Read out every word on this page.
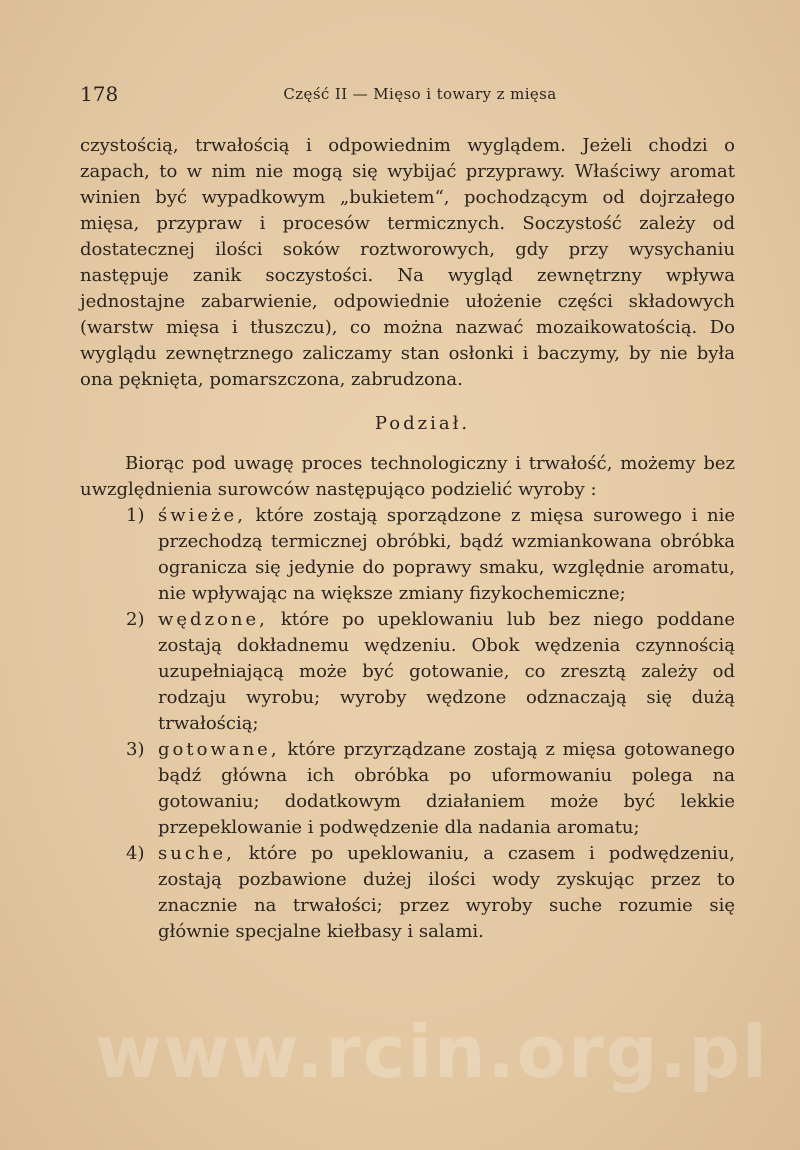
178	Część II — Mięso i towary z mięsa

czystością, trwałością i odpowiednim wyglądem. Jeżeli chodzi o zapach, to w nim nie mogą się wybijać przyprawy. Właściwy aromat winien być wypadkowym „bukietem“, pochodzącym od dojrzałego mięsa, przypraw i procesów termicznych. Soczystość zależy od dostatecznej ilości soków roztworowych, gdy przy wysychaniu następuje zanik soczystości. Na wygląd zewnętrzny wpływa jednostajne zabarwienie, odpowiednie ułożenie części składowych (warstw mięsa i tłuszczu), co można nazwać mozaikowatością. Do wyglądu zewnętrznego zaliczamy stan osłonki i baczymy, by nie była ona pęknięta, pomarszczona, zabrudzona.

Podział.

Biorąc pod uwagę proces technologiczny i trwałość, możemy bez uwzględnienia surowców następująco podzielić wyroby :

1) świeże, które zostają sporządzone z mięsa surowego i nie przechodzą termicznej obróbki, bądź wzmiankowana obróbka ogranicza się jedynie do poprawy smaku, względnie aromatu, nie wpływając na większe zmiany fizykochemiczne;
2) wędzone, które po upeklowaniu lub bez niego poddane zostają dokładnemu wędzeniu. Obok wędzenia czynnością uzupełniającą może być gotowanie, co zresztą zależy od rodzaju wyrobu; wyroby wędzone odznaczają się dużą trwałością;
3) gotowane, które przyrządzane zostają z mięsa gotowanego bądź główna ich obróbka po uformowaniu polega na gotowaniu; dodatkowym działaniem może być lekkie przepeklowanie i podwędzenie dla nadania aromatu;
4) suche, które po upeklowaniu, a czasem i podwędzeniu, zostają pozbawione dużej ilości wody zyskując przez to znacznie na trwałości; przez wyroby suche rozumie się głównie specjalne kiełbasy i salami.
www.rcin.org.pl
